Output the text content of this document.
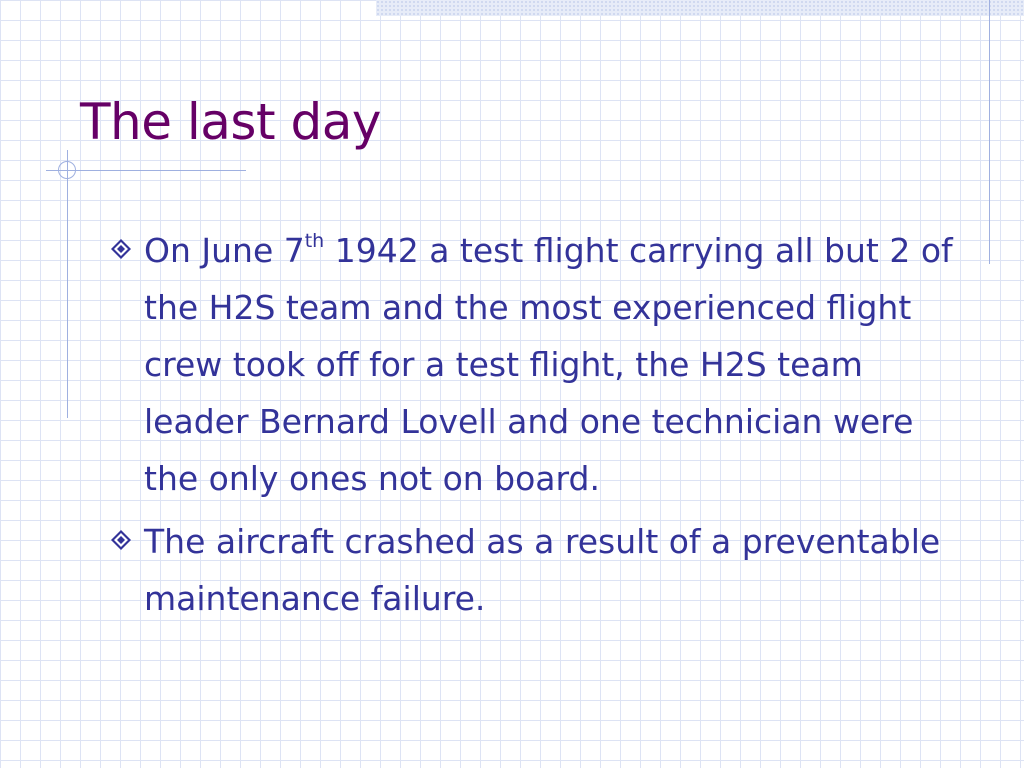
The last day
On June 7th 1942 a test flight carrying all but 2 of the H2S team and the most experienced flight crew took off for a test flight, the H2S team leader Bernard Lovell and one technician were the only ones not on board.
The aircraft crashed as a result of a preventable maintenance failure.
